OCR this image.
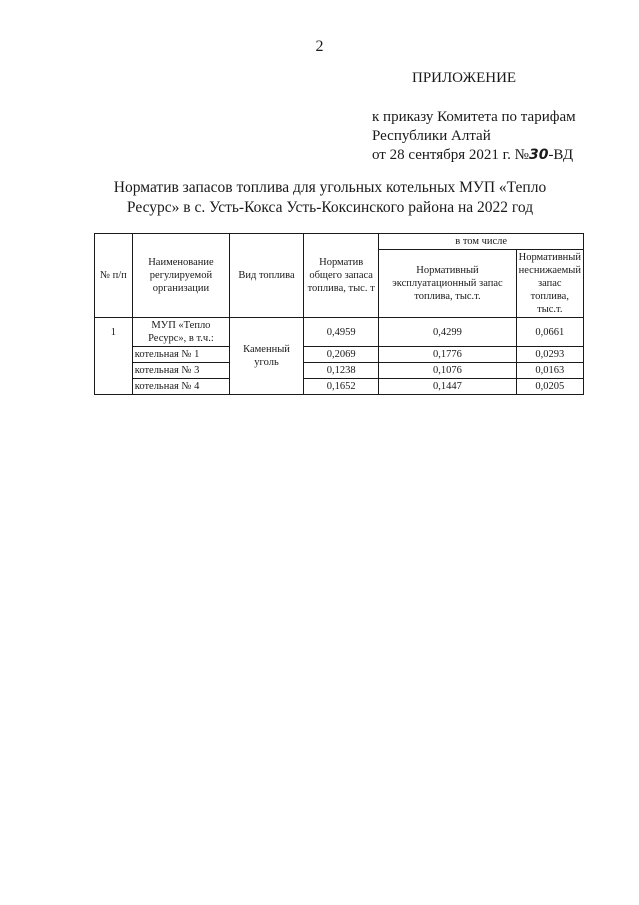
2
ПРИЛОЖЕНИЕ
к приказу Комитета по тарифам
Республики Алтай
от 28 сентября 2021 г. №30-ВД
Норматив запасов топлива для угольных котельных МУП «Тепло
Ресурс» в с. Усть-Кокса Усть-Коксинского района на 2022 год
№ п/п	Наименование регулируемой организации	Вид топлива	Норматив общего запаса топлива, тыс. т	в том числе	
				Нормативный эксплуатационный запас топлива, тыс.т.	Нормативный неснижаемый запас топлива, тыс.т.
1	МУП «Тепло Ресурс», в т.ч.:	Каменный уголь	0,4959	0,4299	0,0661
	котельная № 1		0,2069	0,1776	0,0293
	котельная № 3		0,1238	0,1076	0,0163
	котельная № 4		0,1652	0,1447	0,0205
